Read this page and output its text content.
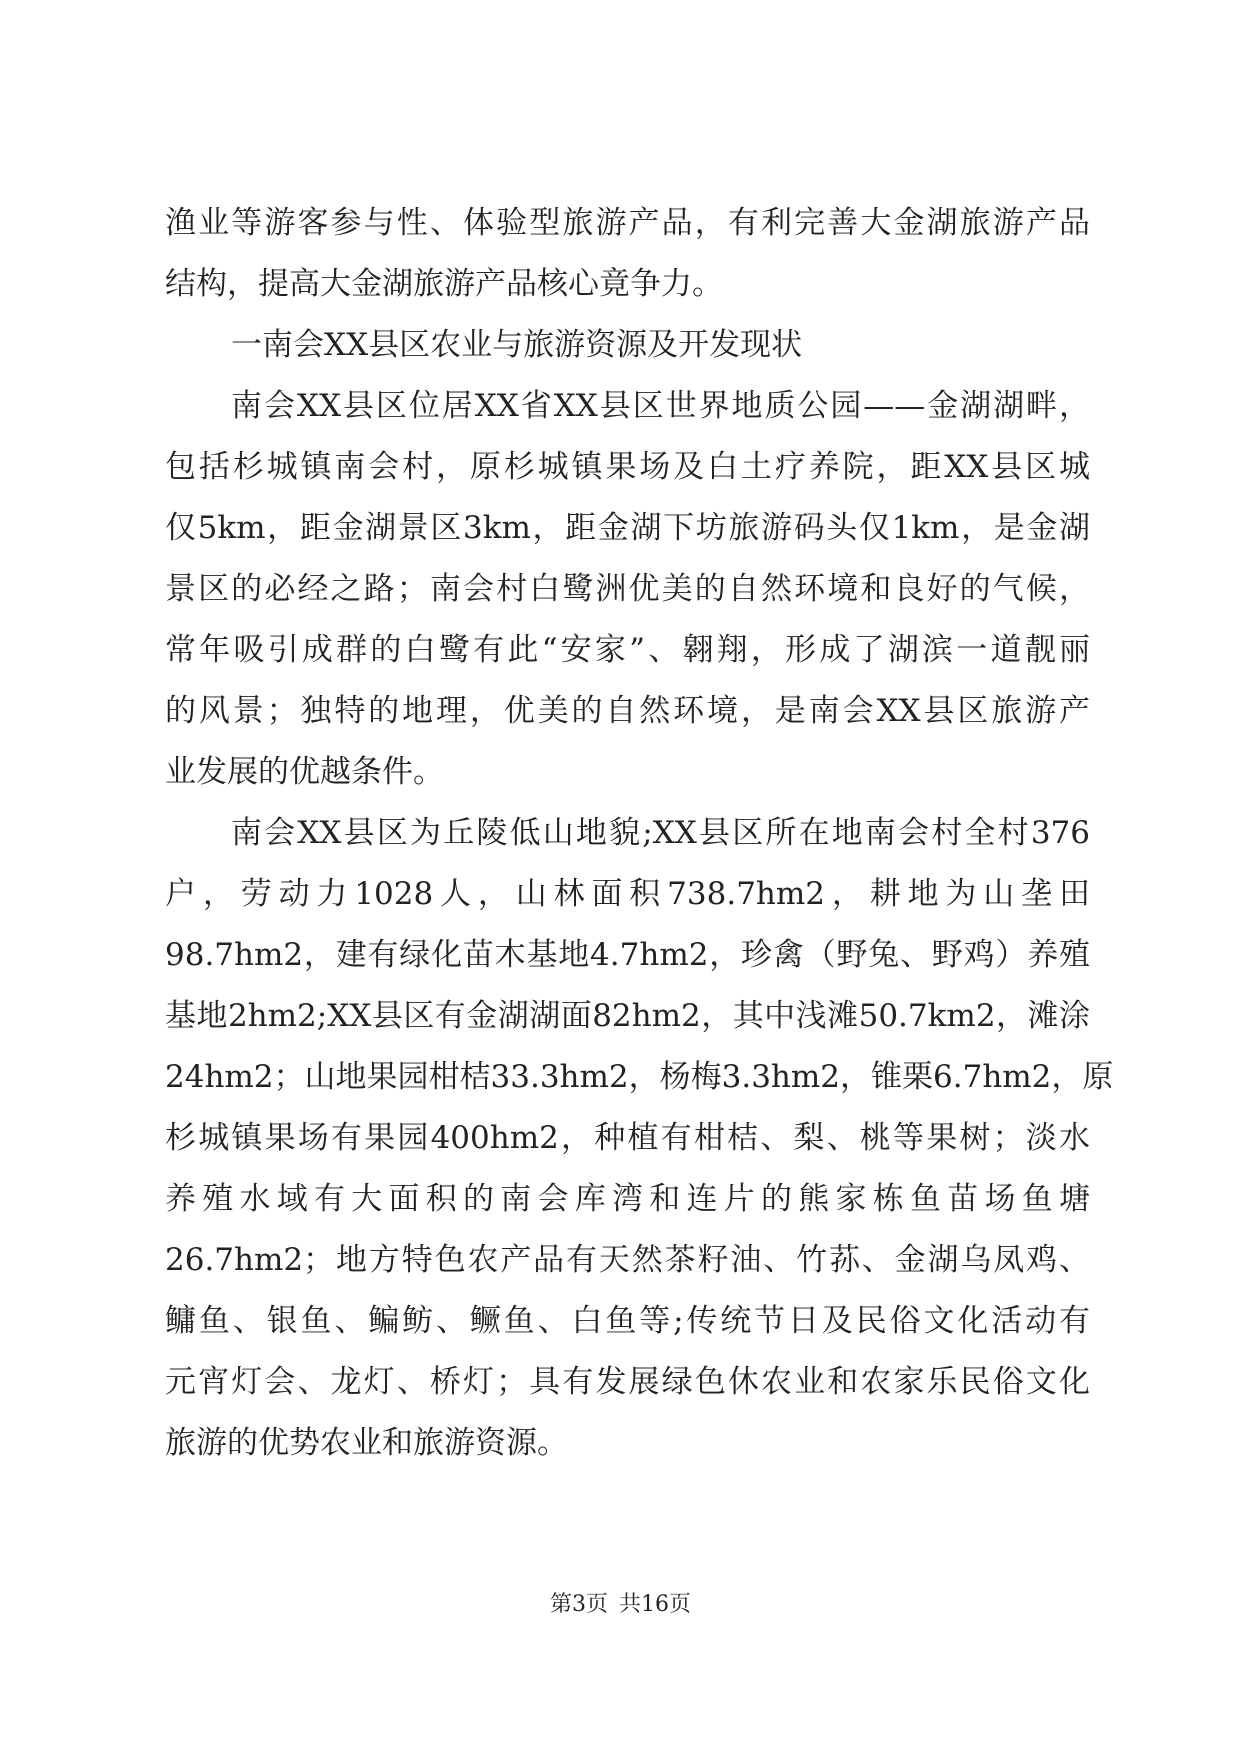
渔业等游客参与性、体验型旅游产品，有利完善大金湖旅游产品
结构，提高大金湖旅游产品核心竟争力。
一南会XX县区农业与旅游资源及开发现状
南会XX县区位居XX省XX县区世界地质公园——金湖湖畔，
包括杉城镇南会村，原杉城镇果场及白土疗养院，距XX县区城
仅5km，距金湖景区3km，距金湖下坊旅游码头仅1km，是金湖
景区的必经之路；南会村白鹭洲优美的自然环境和良好的气候，
常年吸引成群的白鹭有此“安家”、翱翔，形成了湖滨一道靓丽
的风景；独特的地理，优美的自然环境，是南会XX县区旅游产
业发展的优越条件。
南会XX县区为丘陵低山地貌;XX县区所在地南会村全村376
户，劳动力1028人，山林面积738.7hm2，耕地为山垄田
98.7hm2，建有绿化苗木基地4.7hm2，珍禽（野兔、野鸡）养殖
基地2hm2;XX县区有金湖湖面82hm2，其中浅滩50.7km2，滩涂
24hm2；山地果园柑桔33.3hm2，杨梅3.3hm2，锥栗6.7hm2，原
杉城镇果场有果园400hm2，种植有柑桔、梨、桃等果树；淡水
养殖水域有大面积的南会库湾和连片的熊家栋鱼苗场鱼塘
26.7hm2；地方特色农产品有天然茶籽油、竹荪、金湖乌凤鸡、
鳙鱼、银鱼、鳊鲂、鳜鱼、白鱼等;传统节日及民俗文化活动有
元宵灯会、龙灯、桥灯；具有发展绿色休农业和农家乐民俗文化
旅游的优势农业和旅游资源。
第3页 共16页
